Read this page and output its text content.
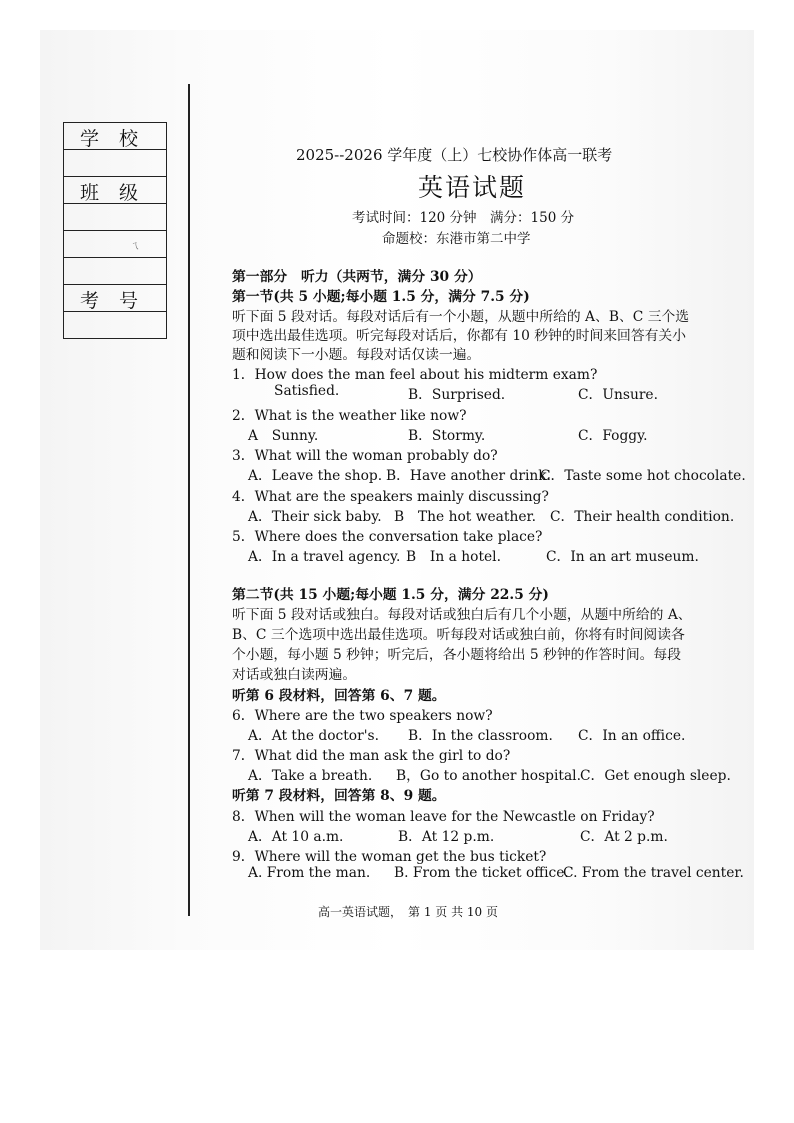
学校
班级
ㄟ
考号
2025--2026 学年度（上）七校协作体高一联考
英语试题
考试时间：120 分钟　满分：150 分
命题校：东港市第二中学
第一部分　听力（共两节，满分 30 分）
第一节(共 5 小题;每小题 1.5 分，满分 7.5 分)
听下面 5 段对话。每段对话后有一个小题，从题中所给的 A、B、C 三个选
项中选出最佳选项。听完每段对话后，你都有 10 秒钟的时间来回答有关小
题和阅读下一小题。每段对话仅读一遍。
1．How does the man feel about his midterm exam?
Satisfied.	B．Surprised.	C．Unsure.
2．What is the weather like now?
A　Sunny.	B．Stormy.	C．Foggy.
3．What will the woman probably do?
A．Leave the shop. B．Have another drink.
C．Taste some hot chocolate.
4．What are the speakers mainly discussing?
A．Their sick baby. B　The hot weather. C．Their health condition.
5．Where does the conversation take place?
A．In a travel agency. B　In a hotel.	C．In an art museum.
第二节(共 15 小题;每小题 1.5 分，满分 22.5 分)
听下面 5 段对话或独白。每段对话或独白后有几个小题，从题中所给的 A、
B、C 三个选项中选出最佳选项。听每段对话或独白前，你将有时间阅读各
个小题，每小题 5 秒钟；听完后，各小题将给出 5 秒钟的作答时间。每段
对话或独白读两遍。
听第 6 段材料，回答第 6、7 题。
6．Where are the two speakers now?
A．At the doctor's. B．In the classroom. C．In an office.
7．What did the man ask the girl to do?
A．Take a breath. B，Go to another hospital. C．Get enough sleep.
听第 7 段材料，回答第 8、9 题。
8．When will the woman leave for the Newcastle on Friday?
A．At 10 a.m.	B．At 12 p.m.	C．At 2 p.m.
9．Where will the woman get the bus ticket?
A. From the man. B. From the ticket office.
C. From the travel center.
高一英语试题，　第 1 页 共 10 页
